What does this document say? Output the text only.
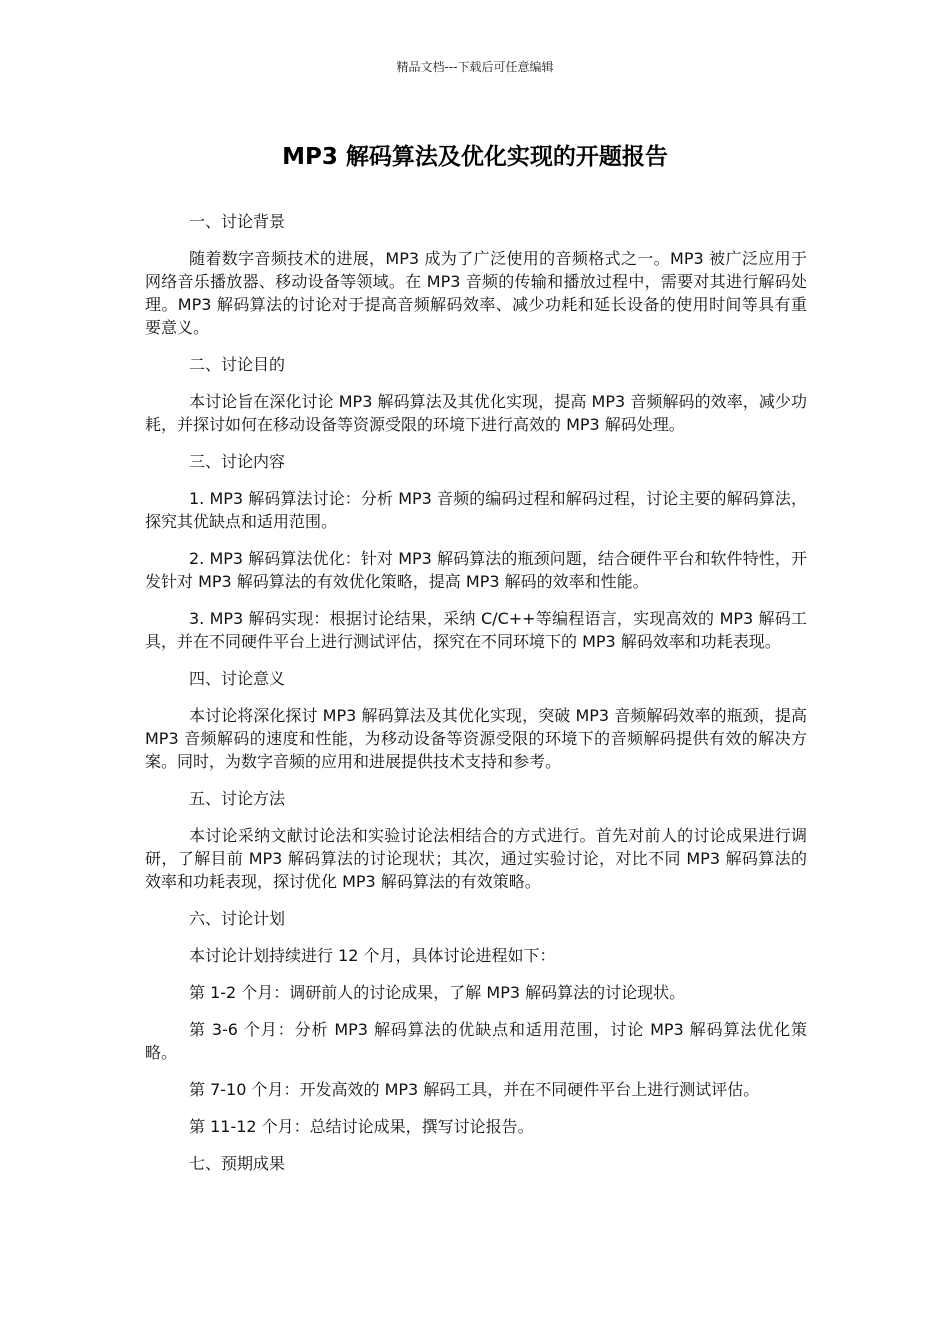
精品文档---下载后可任意编辑
MP3 解码算法及优化实现的开题报告

一、讨论背景

随着数字音频技术的进展，MP3 成为了广泛使用的音频格式之一。MP3 被广泛应用于网络音乐播放器、移动设备等领域。在 MP3 音频的传输和播放过程中，需要对其进行解码处理。MP3 解码算法的讨论对于提高音频解码效率、减少功耗和延长设备的使用时间等具有重要意义。

二、讨论目的

本讨论旨在深化讨论 MP3 解码算法及其优化实现，提高 MP3 音频解码的效率，减少功耗，并探讨如何在移动设备等资源受限的环境下进行高效的 MP3 解码处理。

三、讨论内容

1. MP3 解码算法讨论：分析 MP3 音频的编码过程和解码过程，讨论主要的解码算法，探究其优缺点和适用范围。

2. MP3 解码算法优化：针对 MP3 解码算法的瓶颈问题，结合硬件平台和软件特性，开发针对 MP3 解码算法的有效优化策略，提高 MP3 解码的效率和性能。

3. MP3 解码实现：根据讨论结果，采纳 C/C++等编程语言，实现高效的 MP3 解码工具，并在不同硬件平台上进行测试评估，探究在不同环境下的 MP3 解码效率和功耗表现。

四、讨论意义

本讨论将深化探讨 MP3 解码算法及其优化实现，突破 MP3 音频解码效率的瓶颈，提高 MP3 音频解码的速度和性能，为移动设备等资源受限的环境下的音频解码提供有效的解决方案。同时，为数字音频的应用和进展提供技术支持和参考。

五、讨论方法

本讨论采纳文献讨论法和实验讨论法相结合的方式进行。首先对前人的讨论成果进行调研，了解目前 MP3 解码算法的讨论现状；其次，通过实验讨论，对比不同 MP3 解码算法的效率和功耗表现，探讨优化 MP3 解码算法的有效策略。

六、讨论计划

本讨论计划持续进行 12 个月，具体讨论进程如下：

第 1-2 个月：调研前人的讨论成果，了解 MP3 解码算法的讨论现状。

第 3-6 个月：分析 MP3 解码算法的优缺点和适用范围，讨论 MP3 解码算法优化策略。

第 7-10 个月：开发高效的 MP3 解码工具，并在不同硬件平台上进行测试评估。

第 11-12 个月：总结讨论成果，撰写讨论报告。

七、预期成果
